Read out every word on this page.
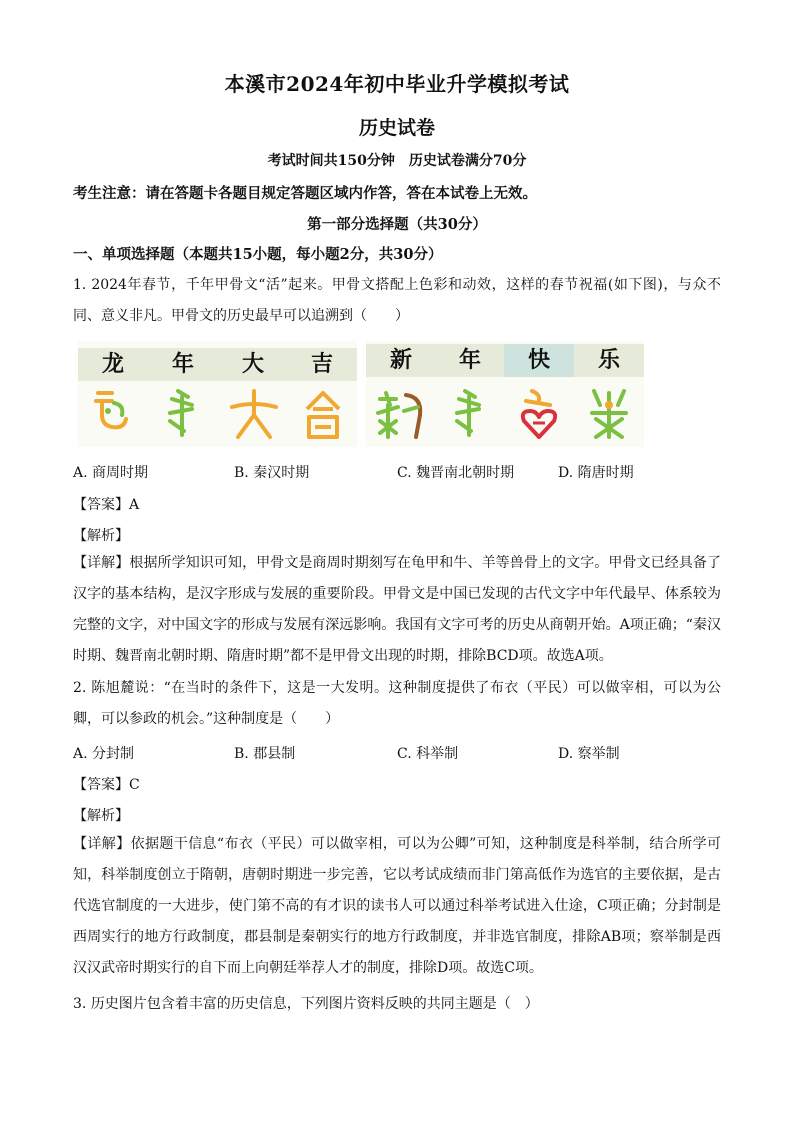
本溪市2024年初中毕业升学模拟考试
历史试卷
考试时间共150分钟　历史试卷满分70分
考生注意：请在答题卡各题目规定答题区域内作答，答在本试卷上无效。
第一部分选择题（共30分）
一、单项选择题（本题共15小题，每小题2分，共30分）
1. 2024年春节，千年甲骨文“活”起来。甲骨文搭配上色彩和动效，这样的春节祝福(如下图)，与众不同、意义非凡。甲骨文的历史最早可以追溯到（　　）
龙	年	大	吉	新	年	快	乐
A. 商周时期	B. 秦汉时期	C. 魏晋南北朝时期	D. 隋唐时期
【答案】A
【解析】
【详解】根据所学知识可知，甲骨文是商周时期刻写在龟甲和牛、羊等兽骨上的文字。甲骨文已经具备了汉字的基本结构，是汉字形成与发展的重要阶段。甲骨文是中国已发现的古代文字中年代最早、体系较为完整的文字，对中国文字的形成与发展有深远影响。我国有文字可考的历史从商朝开始。A项正确；“秦汉时期、魏晋南北朝时期、隋唐时期”都不是甲骨文出现的时期，排除BCD项。故选A项。
2. 陈旭麓说：“在当时的条件下，这是一大发明。这种制度提供了布衣（平民）可以做宰相，可以为公卿，可以参政的机会。”这种制度是（　　）
A. 分封制	B. 郡县制	C. 科举制	D. 察举制
【答案】C
【解析】
【详解】依据题干信息“布衣（平民）可以做宰相，可以为公卿”可知，这种制度是科举制，结合所学可知，科举制度创立于隋朝，唐朝时期进一步完善，它以考试成绩而非门第高低作为选官的主要依据，是古代选官制度的一大进步，使门第不高的有才识的读书人可以通过科举考试进入仕途，C项正确；分封制是西周实行的地方行政制度，郡县制是秦朝实行的地方行政制度，并非选官制度，排除AB项；察举制是西汉汉武帝时期实行的自下而上向朝廷举荐人才的制度，排除D项。故选C项。
3. 历史图片包含着丰富的历史信息，下列图片资料反映的共同主题是（　）
